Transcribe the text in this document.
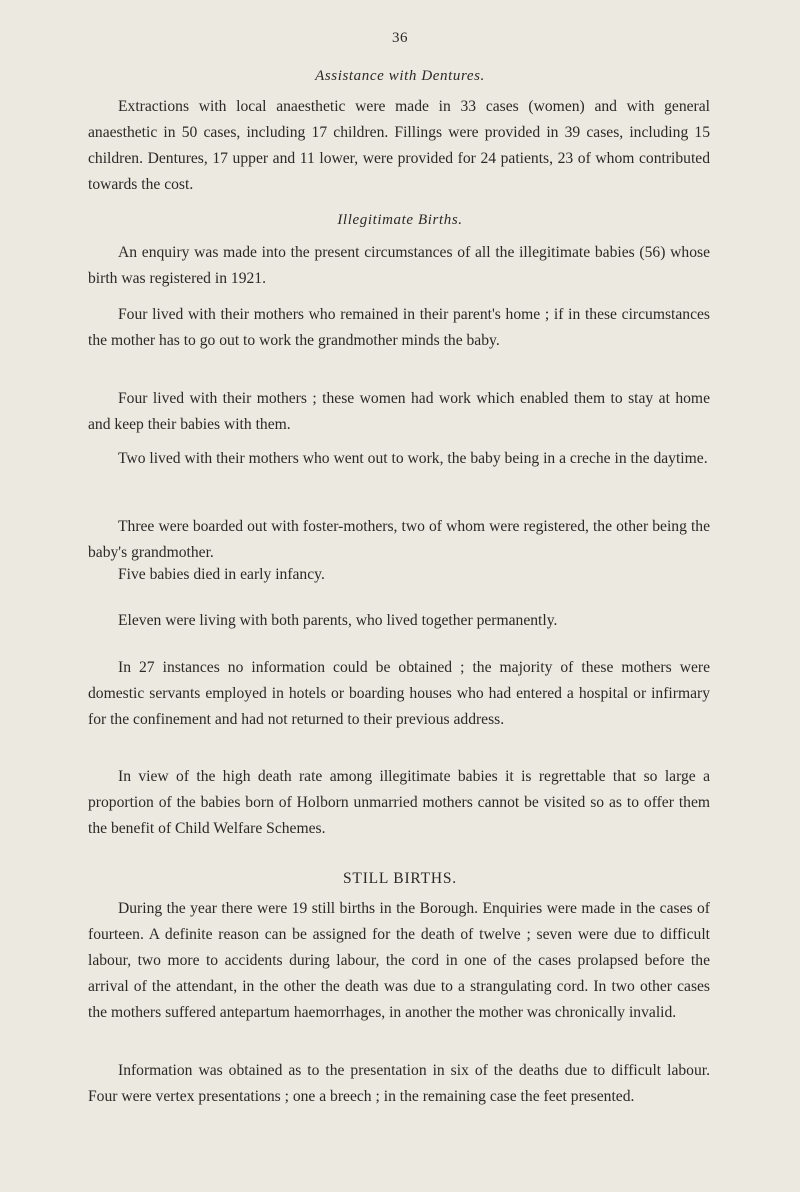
36
Assistance with Dentures.

Extractions with local anaesthetic were made in 33 cases (women) and with general anaesthetic in 50 cases, including 17 children. Fillings were provided in 39 cases, including 15 children. Dentures, 17 upper and 11 lower, were provided for 24 patients, 23 of whom contributed towards the cost.

Illegitimate Births.

An enquiry was made into the present circumstances of all the illegitimate babies (56) whose birth was registered in 1921.

Four lived with their mothers who remained in their parent's home ; if in these circumstances the mother has to go out to work the grandmother minds the baby.

Four lived with their mothers ; these women had work which enabled them to stay at home and keep their babies with them.

Two lived with their mothers who went out to work, the baby being in a creche in the daytime.

Three were boarded out with foster-mothers, two of whom were registered, the other being the baby's grandmother.

Five babies died in early infancy.

Eleven were living with both parents, who lived together permanently.

In 27 instances no information could be obtained ; the majority of these mothers were domestic servants employed in hotels or boarding houses who had entered a hospital or infirmary for the confinement and had not returned to their previous address.

In view of the high death rate among illegitimate babies it is regrettable that so large a proportion of the babies born of Holborn unmarried mothers cannot be visited so as to offer them the benefit of Child Welfare Schemes.

STILL BIRTHS.

During the year there were 19 still births in the Borough. Enquiries were made in the cases of fourteen. A definite reason can be assigned for the death of twelve ; seven were due to difficult labour, two more to accidents during labour, the cord in one of the cases prolapsed before the arrival of the attendant, in the other the death was due to a strangulating cord. In two other cases the mothers suffered antepartum haemorrhages, in another the mother was chronically invalid.

Information was obtained as to the presentation in six of the deaths due to difficult labour. Four were vertex presentations ; one a breech ; in the remaining case the feet presented.
